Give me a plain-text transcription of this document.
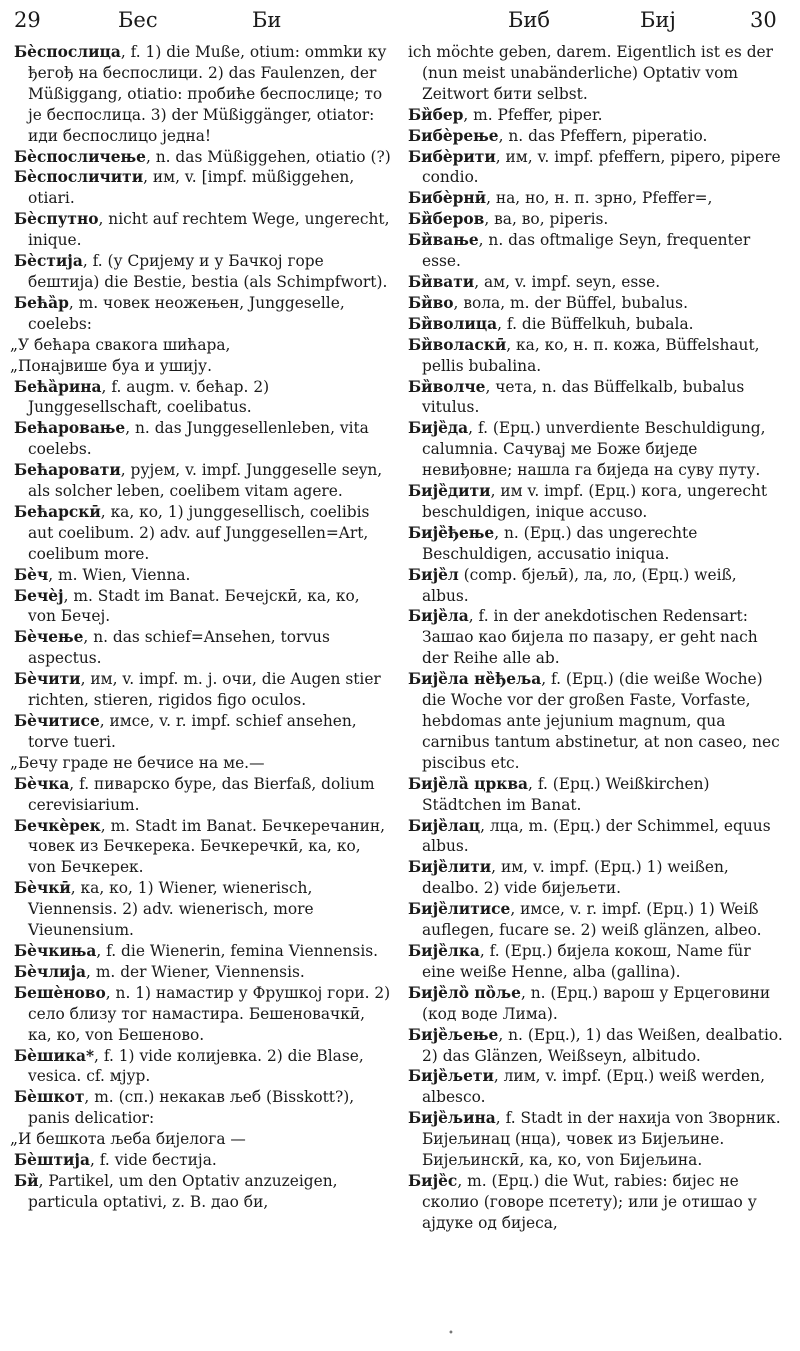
29	Бес	Би	Биб	Биј	30

Бѐспослица, f. 1) die Muße, otium: ommkи ку ђегођ на беспослици. 2) das Faulenzen, der Müßiggang, otiatio: пробиће беспослице; то је беспослица. 3) der Müßiggänger, otiator: иди беспослицо једна!

Бѐспосличење, n. das Müßiggehen, otiatio (?)

Бѐспосличити, им, v. [impf. müßiggehen, otiari.

Бѐспутно, nicht auf rechtem Wege, ungerecht, inique.

Бѐстија, f. (у Сријему и у Бачкој горе бештија) die Bestie, bestia (als Schimpfwort).

Бећа̏р, m. човек неожењен, Junggeselle, coelebs:

„У бећара свакога шићара,

„Понајвише буа и ушију.

Бећа̏рина, f. augm. v. бећар. 2) Junggesellschaft, coelibatus.

Бећаровање, n. das Junggesellenleben, vita coelebs.

Бећаровати, рујем, v. impf. Junggeselle seyn, als solcher leben, coelibem vitam agere.

Бећарскӣ, ка, ко, 1) junggesellisch, coelibis aut coelibum. 2) adv. auf Junggesellen=Art, coelibum more.

Бѐч, m. Wien, Vienna.

Бечѐј, m. Stadt im Banat. Бечејскӣ, ка, ко, von Бечеј.

Бѐчење, n. das schief=Ansehen, torvus aspectus.

Бѐчити, им, v. impf. m. j. очи, die Augen stier richten, stieren, rigidos figo oculos.

Бѐчитисе, имсе, v. r. impf. schief ansehen, torve tueri.

„Бечу граде не бечисе на ме.—

Бѐчка, f. пиварско буре, das Bierfaß, dolium cerevisiarium.

Бечкѐрек, m. Stadt im Banat. Бечкеречанин, човек из Бечкерека. Бечкеречкӣ, ка, ко, von Бечкерек.

Бѐчкӣ, ка, ко, 1) Wiener, wienerisch, Viennensis. 2) adv. wienerisch, more Vieunensium.

Бѐчкиња, f. die Wienerin, femina Viennensis.

Бѐчлија, m. der Wiener, Viennensis.

Бешѐново, n. 1) намастир у Фрушкој гори. 2) село близу тог намастира. Бешеновачкӣ, ка, ко, von Бешеново.

Бѐшика*, f. 1) vide колијевка. 2) die Blase, vesica. cf. мјур.

Бѐшкот, m. (сп.) некакав љеб (Bisskott?), panis delicatior:

„И бешкота љеба бијелога —

Бѐштија, f. vide бестија.

Би̏, Partikel, um den Optativ anzuzeigen, particula optativi, z. B. дао би,

ich möchte geben, darem. Eigentlich ist es der (nun meist unabänderliche) Optativ vom Zeitwort бити selbst.

Би̏бер, m. Pfeffer, piper.

Бибѐрење, n. das Pfeffern, piperatio.

Бибѐрити, им, v. impf. pfeffern, pipero, pipere condio.

Бибѐрнӣ, на, но, н. п. зрно, Pfeffer=,

Би̏беров, ва, во, piperis.

Би̏вање, n. das oftmalige Seyn, frequenter esse.

Би̏вати, ам, v. impf. seyn, esse.

Би̏во, вола, m. der Büffel, bubalus.

Би̏волица, f. die Büffelkuh, bubala.

Би̏воласкӣ, ка, ко, н. п. кожа, Büffelshaut, pellis bubalina.

Би̏волче, чета, n. das Büffelkalb, bubalus vitulus.

Бије̏да, f. (Ерц.) unverdiente Beschuldigung, calumnia. Сачувај ме Боже биједе невиђовне; нашла га биједа на суву путу.

Бије̏дити, им v. impf. (Ерц.) кога, ungerecht beschuldigen, inique accuso.

Бије̏ђење, n. (Ерц.) das ungerechte Beschuldigen, accusatio iniqua.

Бије̏л (comp. бјељӣ), ла, ло, (Ерц.) weiß, albus.

Бије̏ла, f. in der anekdotischen Redensart: Зашао као бијела по пазару, er geht nach der Reihe alle ab.

Бије̏ла не̏ђеља, f. (Ерц.) (die weiße Woche) die Woche vor der großen Faste, Vorfaste, hebdomas ante jejunium magnum, qua carnibus tantum abstinetur, at non caseo, nec piscibus etc.

Бије̏ла̏ црква, f. (Ерц.) Weißkirchen) Städtchen im Banat.

Бије̏лац, лца, m. (Ерц.) der Schimmel, equus albus.

Бије̏лити, им, v. impf. (Ерц.) 1) weißen, dealbo. 2) vide бијељети.

Бије̏литисе, имсе, v. r. impf. (Ерц.) 1) Weiß auflegen, fucare se. 2) weiß glänzen, albeo.

Бије̏лка, f. (Ерц.) бијела кокош, Name für eine weiße Henne, alba (gallina).

Бије̏ло̏ по̏ље, n. (Ерц.) варош у Ерцеговини (код воде Лима).

Бије̏љење, n. (Ерц.), 1) das Weißen, dealbatio. 2) das Glänzen, Weißseyn, albitudo.

Бије̏љети, лим, v. impf. (Ерц.) weiß werden, albesco.

Бије̏љина, f. Stadt in der нахија von Зворник. Бијељинац (нца), човек из Бијељине. Бијељинскӣ, ка, ко, von Бијељина.

Бије̏с, m. (Ерц.) die Wut, rabies: бијес не сколио (говоре псетету); или је отишао у ајдуке од бијеса,

•
